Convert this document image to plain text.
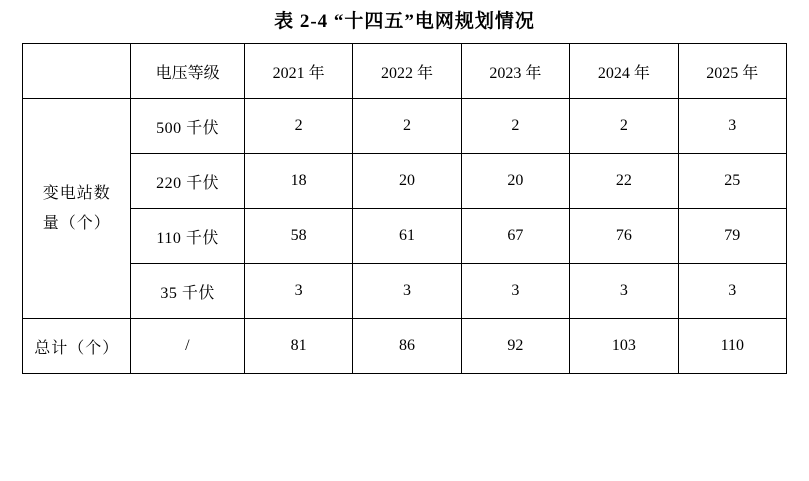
表 2-4 “十四五”电网规划情况
	电压等级	2021 年	2022 年	2023 年	2024 年	2025 年

变电站数
量（个）	500 千伏	2	2	2	2	3
	220 千伏	18	20	20	22	25
	110 千伏	58	61	67	76	79
	35 千伏	3	3	3	3	3
总计（个）	/	81	86	92	103	110
